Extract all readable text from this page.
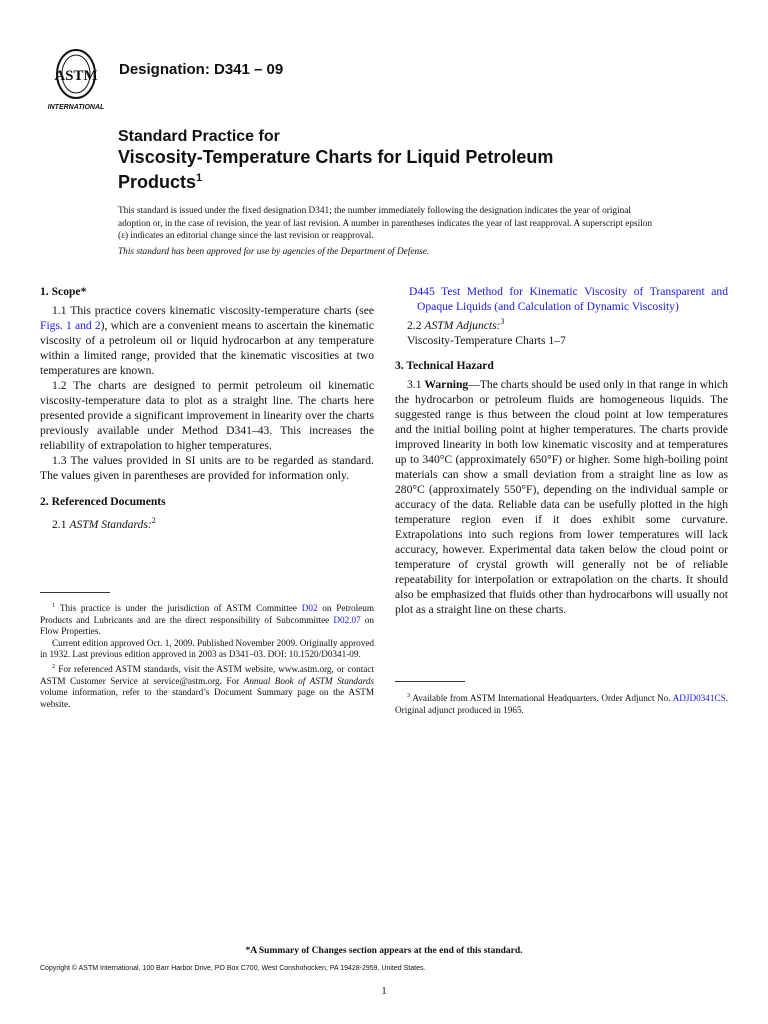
ASTM
INTERNATIONAL
Designation: D341 – 09
Standard Practice for
Viscosity-Temperature Charts for Liquid Petroleum
Products$^1$
This standard is issued under the fixed designation D341; the number immediately following the designation indicates the year of original adoption or, in the case of revision, the year of last revision. A number in parentheses indicates the year of last reapproval. A superscript epsilon (ε) indicates an editorial change since the last revision or reapproval.
This standard has been approved for use by agencies of the Department of Defense.
1. Scope*

1.1 This practice covers kinematic viscosity-temperature charts (see Figs. 1 and 2), which are a convenient means to ascertain the kinematic viscosity of a petroleum oil or liquid hydrocarbon at any temperature within a limited range, provided that the kinematic viscosities at two temperatures are known.

1.2 The charts are designed to permit petroleum oil kinematic viscosity-temperature data to plot as a straight line. The charts here presented provide a significant improvement in linearity over the charts previously available under Method D341–43. This increases the reliability of extrapolation to higher temperatures.

1.3 The values provided in SI units are to be regarded as standard. The values given in parentheses are provided for information only.

2. Referenced Documents

2.1 ASTM Standards:$^2$

D445 Test Method for Kinematic Viscosity of Transparent and Opaque Liquids (and Calculation of Dynamic Viscosity)

2.2 ASTM Adjuncts:$^3$

Viscosity-Temperature Charts 1–7

3. Technical Hazard

3.1 Warning—The charts should be used only in that range in which the hydrocarbon or petroleum fluids are homogeneous liquids. The suggested range is thus between the cloud point at low temperatures and the initial boiling point at higher temperatures. The charts provide improved linearity in both low kinematic viscosity and at temperatures up to 340°C (approximately 650°F) or higher. Some high-boiling point materials can show a small deviation from a straight line as low as 280°C (approximately 550°F), depending on the individual sample or accuracy of the data. Reliable data can be usefully plotted in the high temperature region even if it does exhibit some curvature. Extrapolations into such regions from lower temperatures will lack accuracy, however. Experimental data taken below the cloud point or temperature of crystal growth will generally not be of reliable repeatability for interpolation or extrapolation on the charts. It should also be emphasized that fluids other than hydrocarbons will usually not plot as a straight line on these charts.

$^1$ This practice is under the jurisdiction of ASTM Committee D02 on Petroleum Products and Lubricants and are the direct responsibility of Subcommittee D02.07 on Flow Properties.

Current edition approved Oct. 1, 2009. Published November 2009. Originally approved in 1932. Last previous edition approved in 2003 as D341–03. DOI: 10.1520/D0341-09.

$^2$ For referenced ASTM standards, visit the ASTM website, www.astm.org, or contact ASTM Customer Service at service@astm.org. For Annual Book of ASTM Standards volume information, refer to the standard’s Document Summary page on the ASTM website.

$^3$ Available from ASTM International Headquarters. Order Adjunct No. ADJD0341CS. Original adjunct produced in 1965.

*A Summary of Changes section appears at the end of this standard.
Copyright © ASTM International, 100 Barr Harbor Drive, PO Box C700, West Conshohocken, PA 19428-2959, United States.
1
